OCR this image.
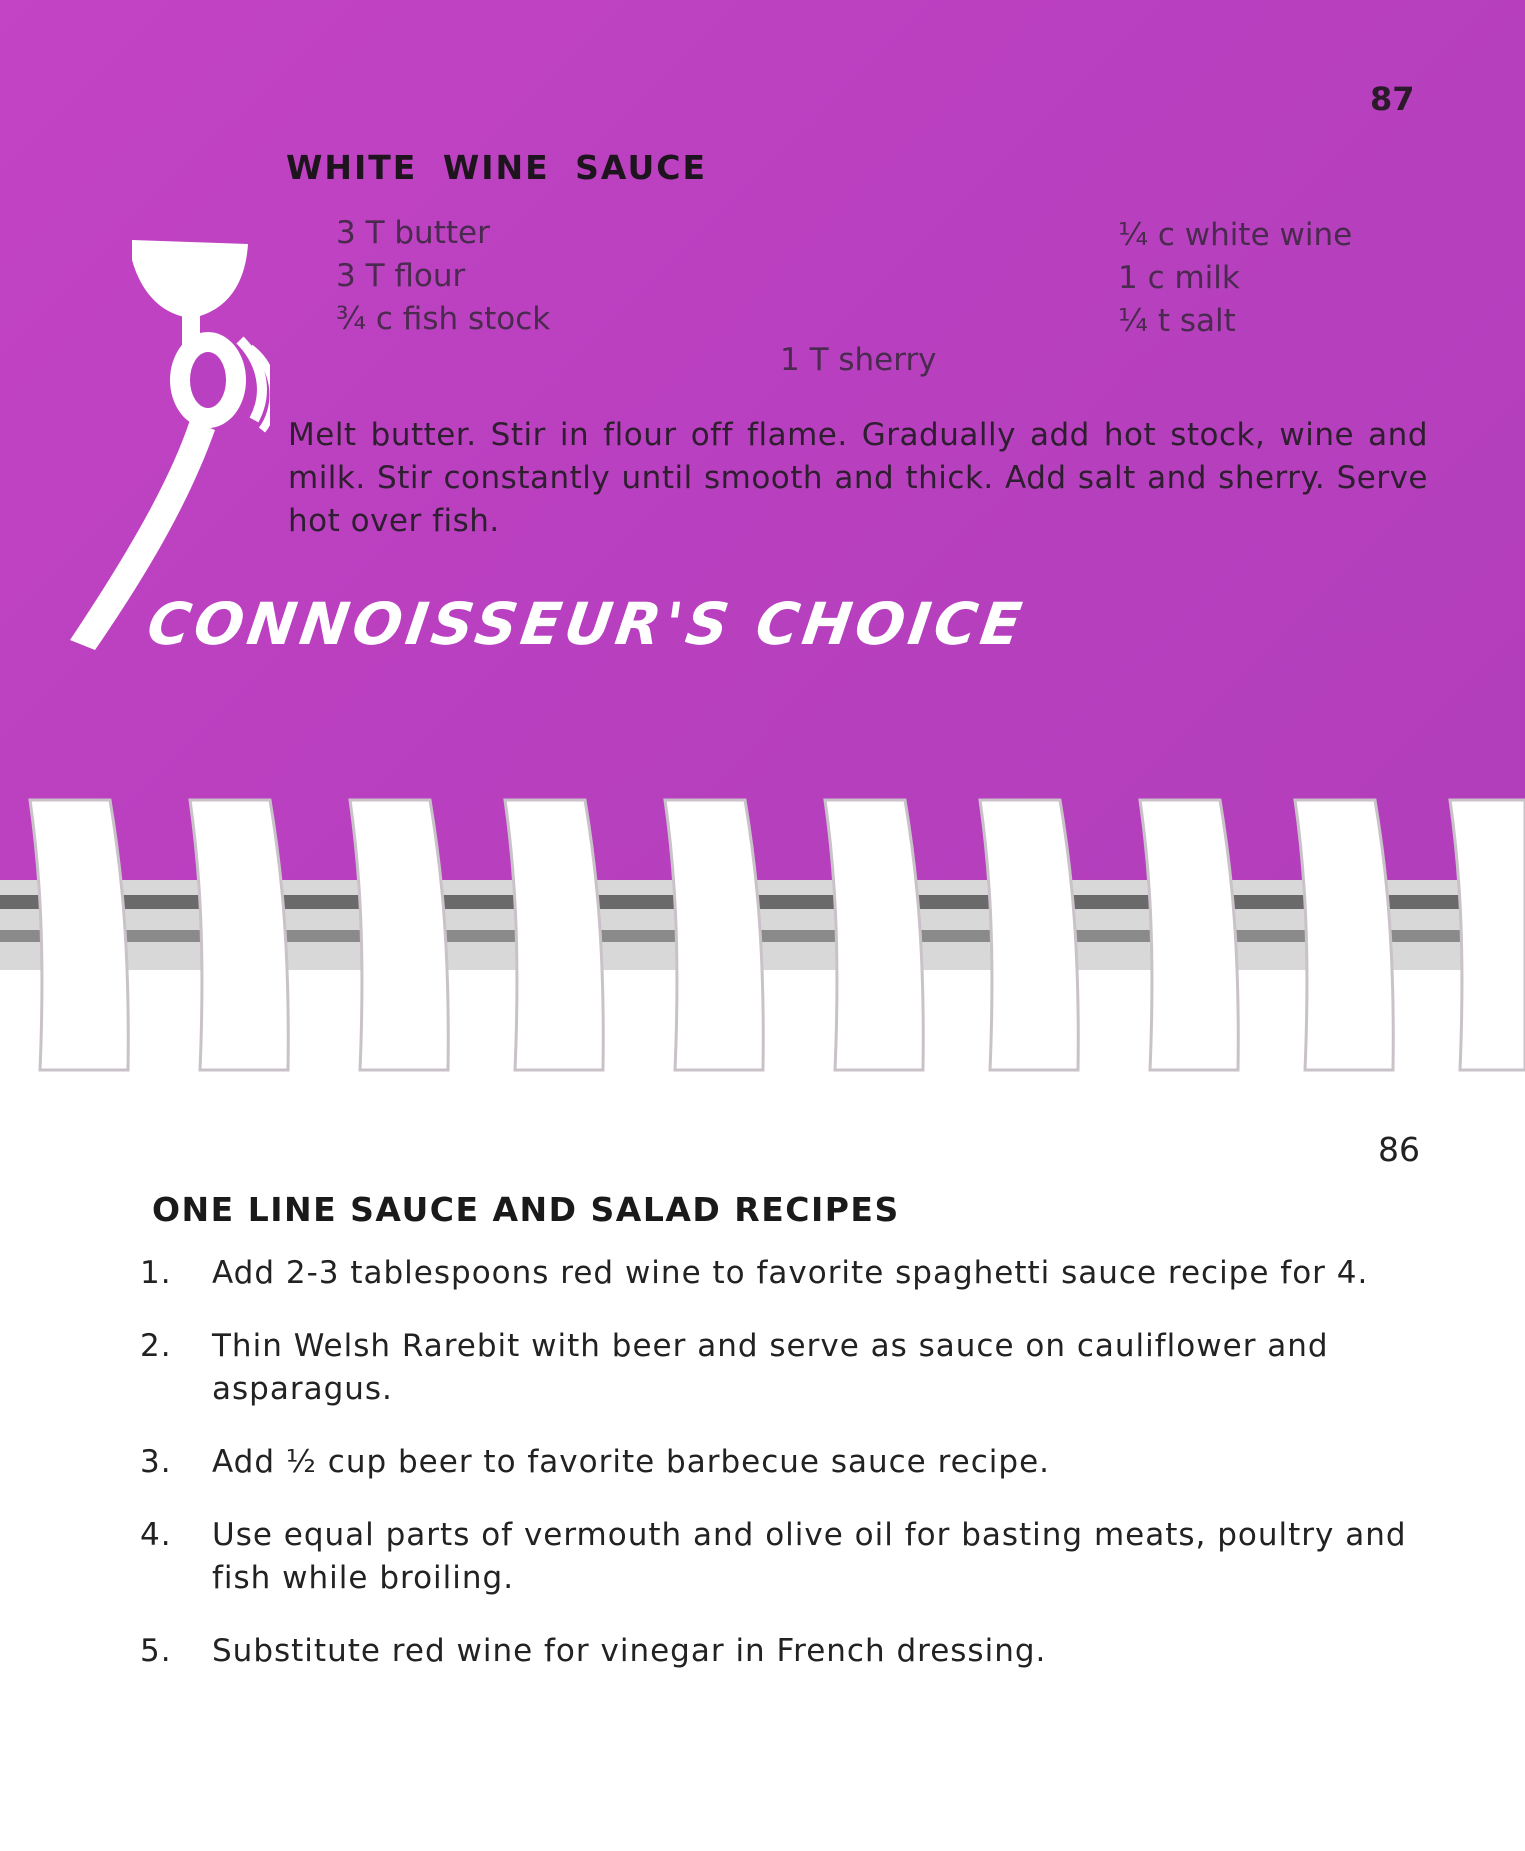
87
WHITE WINE SAUCE
3 T butter
3 T flour
¾ c fish stock
¼ c white wine
1 c milk
¼ t salt
1 T sherry
Melt butter. Stir in flour off flame. Gradually add hot stock, wine and milk. Stir constantly until smooth and thick. Add salt and sherry. Serve hot over fish.
CONNOISSEUR'S CHOICE
86
ONE LINE SAUCE AND SALAD RECIPES
1.	Add 2-3 tablespoons red wine to favorite spaghetti sauce recipe for 4.
2.	Thin Welsh Rarebit with beer and serve as sauce on cauliflower and asparagus.
3.	Add ½ cup beer to favorite barbecue sauce recipe.
4.	Use equal parts of vermouth and olive oil for basting meats, poultry and fish while broiling.
5.	Substitute red wine for vinegar in French dressing.
